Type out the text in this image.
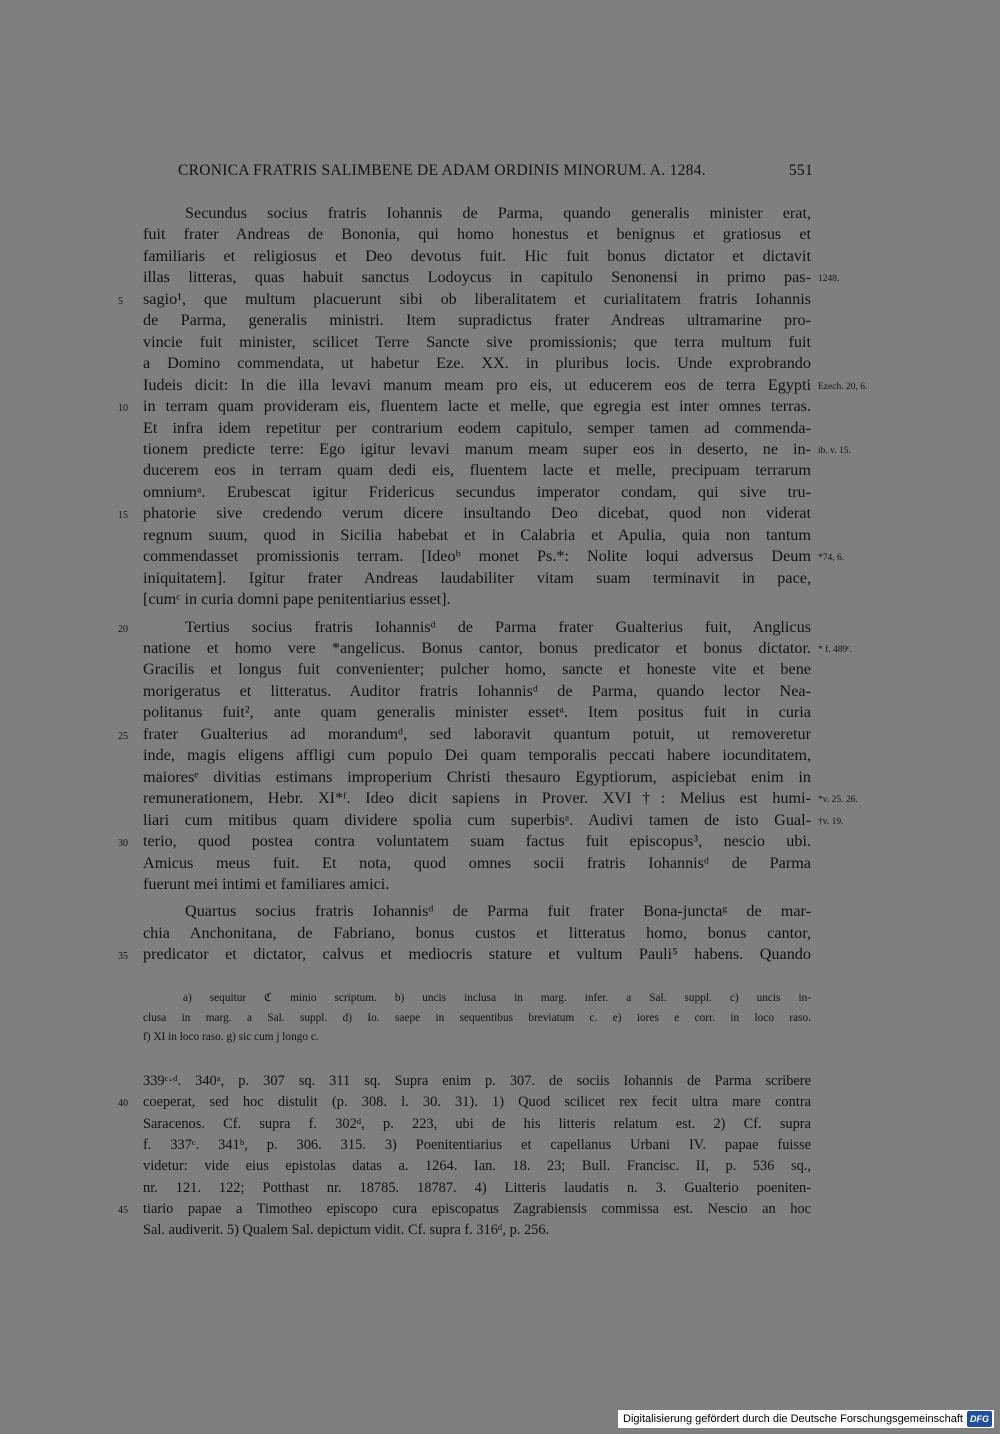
CRONICA FRATRIS SALIMBENE DE ADAM ORDINIS MINORUM. A. 1284.	551
Secundus socius fratris Iohannis de Parma, quando generalis minister erat,
fuit frater Andreas de Bononia, qui homo honestus et benignus et gratiosus et
familiaris et religiosus et Deo devotus fuit. Hic fuit bonus dictator et dictavit
illas litteras, quas habuit sanctus Lodoycus in capitulo Senonensi in primo pas- 1248.
sagio¹, que multum placuerunt sibi ob liberalitatem et curialitatem fratris Iohannis
5
de Parma, generalis ministri. Item supradictus frater Andreas ultramarine pro-
vincie fuit minister, scilicet Terre Sancte sive promissionis; que terra multum fuit
a Domino commendata, ut habetur Eze. XX. in pluribus locis. Unde exprobrando
Iudeis dicit: In die illa levavi manum meam pro eis, ut educerem eos de terra Egypti Ezech. 20, 6.
in terram quam provideram eis, fluentem lacte et melle, que egregia est inter omnes terras.
10
Et infra idem repetitur per contrarium eodem capitulo, semper tamen ad commenda-
tionem predicte terre: Ego igitur levavi manum meam super eos in deserto, ne in- ib. v. 15.
ducerem eos in terram quam dedi eis, fluentem lacte et melle, precipuam terrarum
omniumᵃ. Erubescat igitur Fridericus secundus imperator condam, qui sive tru-
phatorie sive credendo verum dicere insultando Deo dicebat, quod non viderat
15
regnum suum, quod in Sicilia habebat et in Calabria et Apulia, quia non tantum
commendasset promissionis terram. [Ideoᵇ monet Ps.*: Nolite loqui adversus Deum *74, 6.
iniquitatem]. Igitur frater Andreas laudabiliter vitam suam terminavit in pace,
[cumᶜ in curia domni pape penitentiarius esset].
Tertius socius fratris Iohannisᵈ de Parma frater Gualterius fuit, Anglicus
20
natione et homo vere *angelicus. Bonus cantor, bonus predicator et bonus dictator. * f. 489ᶜ.
Gracilis et longus fuit convenienter; pulcher homo, sancte et honeste vite et bene
morigeratus et litteratus. Auditor fratris Iohannisᵈ de Parma, quando lector Nea-
politanus fuit², ante quam generalis minister essetᵃ. Item positus fuit in curia
frater Gualterius ad morandumᵈ, sed laboravit quantum potuit, ut removeretur
25
inde, magis eligens affligi cum populo Dei quam temporalis peccati habere iocunditatem,
maioresᵉ divitias estimans improperium Christi thesauro Egyptiorum, aspiciebat enim in
remunerationem, Hebr. XI*ᶠ. Ideo dicit sapiens in Prover. XVI†: Melius est humi- *v. 25. 26.
liari cum mitibus quam dividere spolia cum superbisᵃ. Audivi tamen de isto Gual- †v. 19.
terio, quod postea contra voluntatem suam factus fuit episcopus³, nescio ubi.
30
Amicus meus fuit. Et nota, quod omnes socii fratris Iohannisᵈ de Parma
fuerunt mei intimi et familiares amici.
Quartus socius fratris Iohannisᵈ de Parma fuit frater Bona-junctaᵍ de mar-
chia Anchonitana, de Fabriano, bonus custos et litteratus homo, bonus cantor,
predicator et dictator, calvus et mediocris stature et vultum Pauli⁵ habens. Quando
35
a) sequitur ℭ minio scriptum. b) uncis inclusa in marg. infer. a Sal. suppl. c) uncis in-
clusa in marg. a Sal. suppl. d) Io. saepe in sequentibus breviatum c. e) iores e corr. in loco raso.
f) XI in loco raso. g) sic cum j longo c.
339ᶜ·ᵈ. 340ᵃ, p. 307 sq. 311 sq. Supra enim p. 307. de sociis Iohannis de Parma scribere
coeperat, sed hoc distulit (p. 308. l. 30. 31). 1) Quod scilicet rex fecit ultra mare contra
40
Saracenos. Cf. supra f. 302ᵈ, p. 223, ubi de his litteris relatum est. 2) Cf. supra
f. 337ᶜ. 341ᵇ, p. 306. 315. 3) Poenitentiarius et capellanus Urbani IV. papae fuisse
videtur: vide eius epistolas datas a. 1264. Ian. 18. 23; Bull. Francisc. II, p. 536 sq.,
nr. 121. 122; Potthast nr. 18785. 18787. 4) Litteris laudatis n. 3. Gualterio poeniten-
tiario papae a Timotheo episcopo cura episcopatus Zagrabiensis commissa est. Nescio an hoc
45
Sal. audiverit. 5) Qualem Sal. depictum vidit. Cf. supra f. 316ᵈ, p. 256.
Digitalisierung gefördert durch die Deutsche Forschungsgemeinschaft DFG
